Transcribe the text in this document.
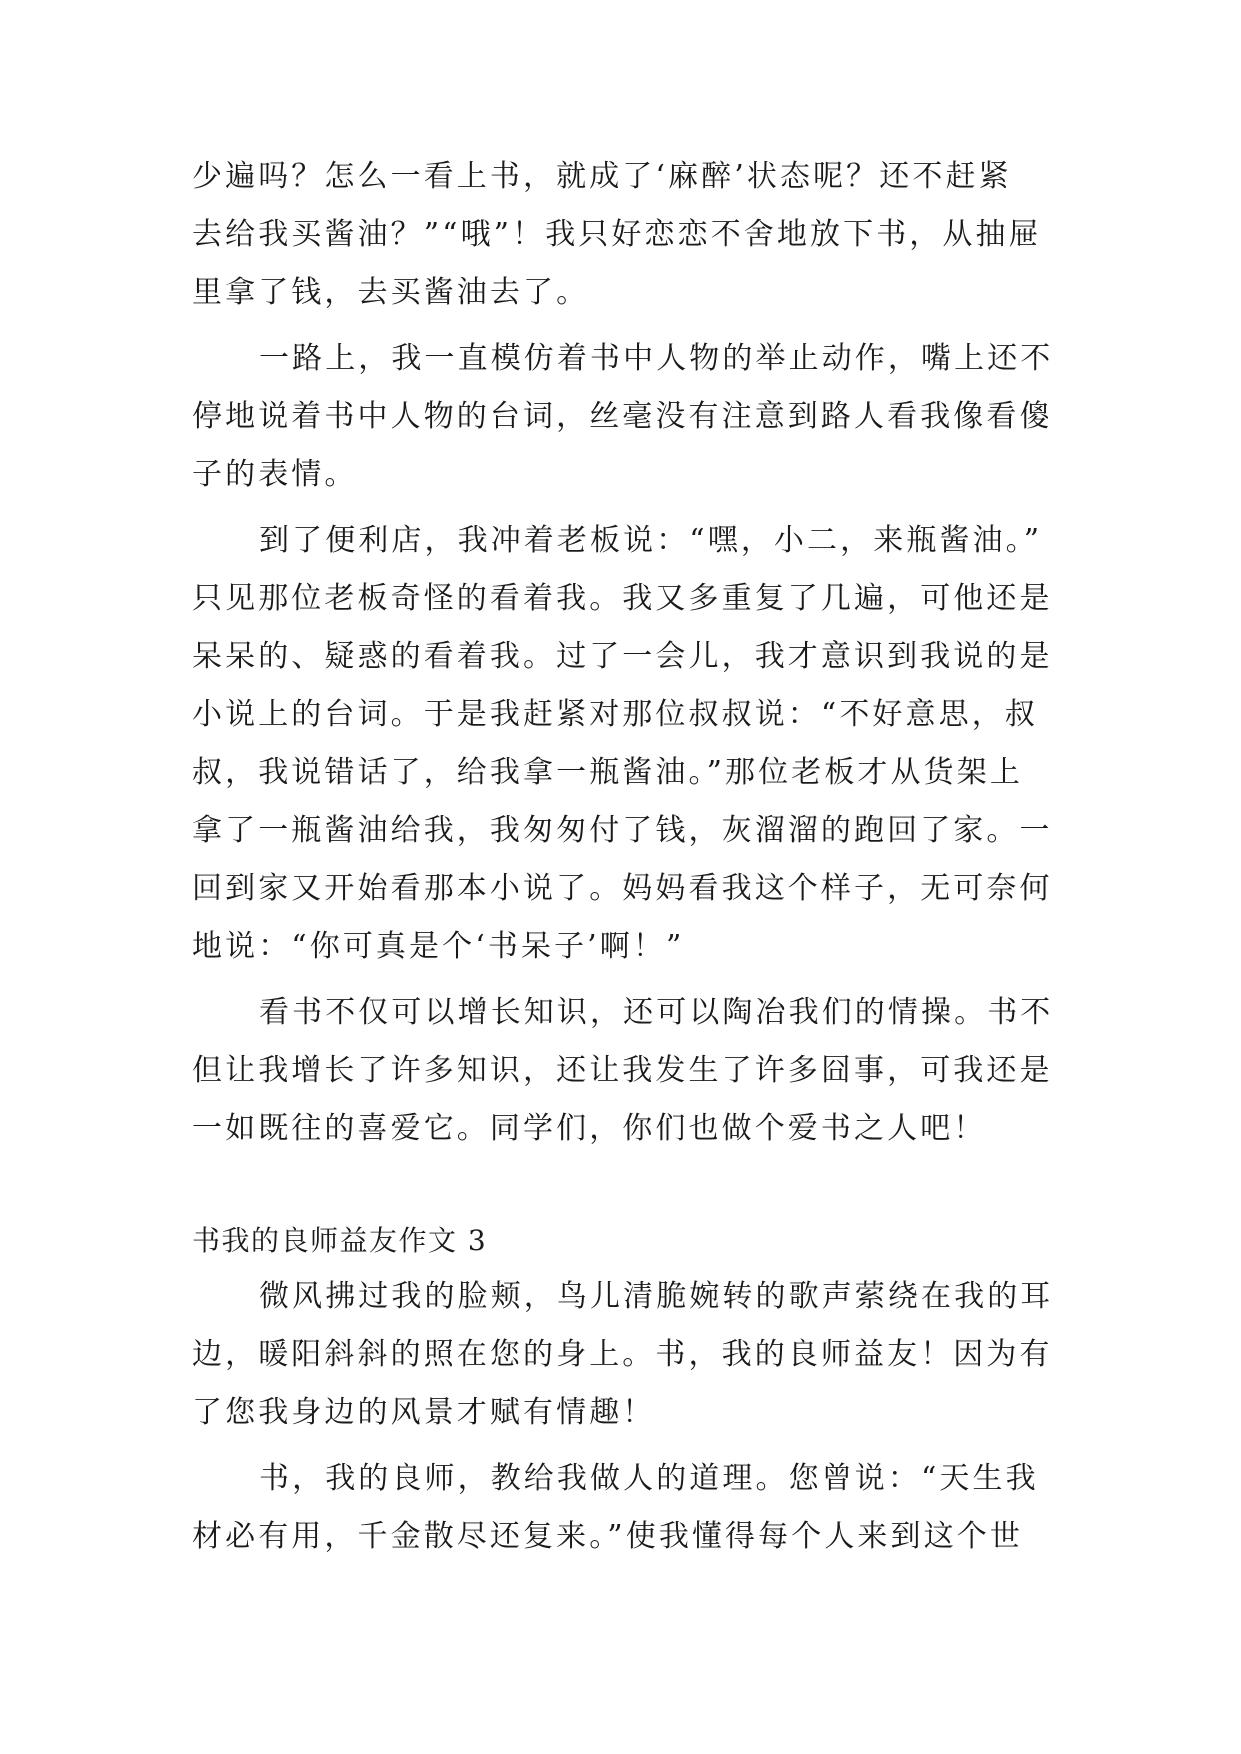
少遍吗？怎么一看上书，就成了‘麻醉’状态呢？还不赶紧
去给我买酱油？”“哦”！我只好恋恋不舍地放下书，从抽屉
里拿了钱，去买酱油去了。
一路上，我一直模仿着书中人物的举止动作，嘴上还不
停地说着书中人物的台词，丝毫没有注意到路人看我像看傻
子的表情。
到了便利店，我冲着老板说：“嘿，小二，来瓶酱油。”
只见那位老板奇怪的看着我。我又多重复了几遍，可他还是
呆呆的、疑惑的看着我。过了一会儿，我才意识到我说的是
小说上的台词。于是我赶紧对那位叔叔说：“不好意思，叔
叔，我说错话了，给我拿一瓶酱油。”那位老板才从货架上
拿了一瓶酱油给我，我匆匆付了钱，灰溜溜的跑回了家。一
回到家又开始看那本小说了。妈妈看我这个样子，无可奈何
地说：“你可真是个‘书呆子’啊！”
看书不仅可以增长知识，还可以陶冶我们的情操。书不
但让我增长了许多知识，还让我发生了许多囧事，可我还是
一如既往的喜爱它。同学们，你们也做个爱书之人吧！
书我的良师益友作文 3
微风拂过我的脸颊，鸟儿清脆婉转的歌声萦绕在我的耳
边，暖阳斜斜的照在您的身上。书，我的良师益友！因为有
了您我身边的风景才赋有情趣！
书，我的良师，教给我做人的道理。您曾说：“天生我
材必有用，千金散尽还复来。”使我懂得每个人来到这个世
